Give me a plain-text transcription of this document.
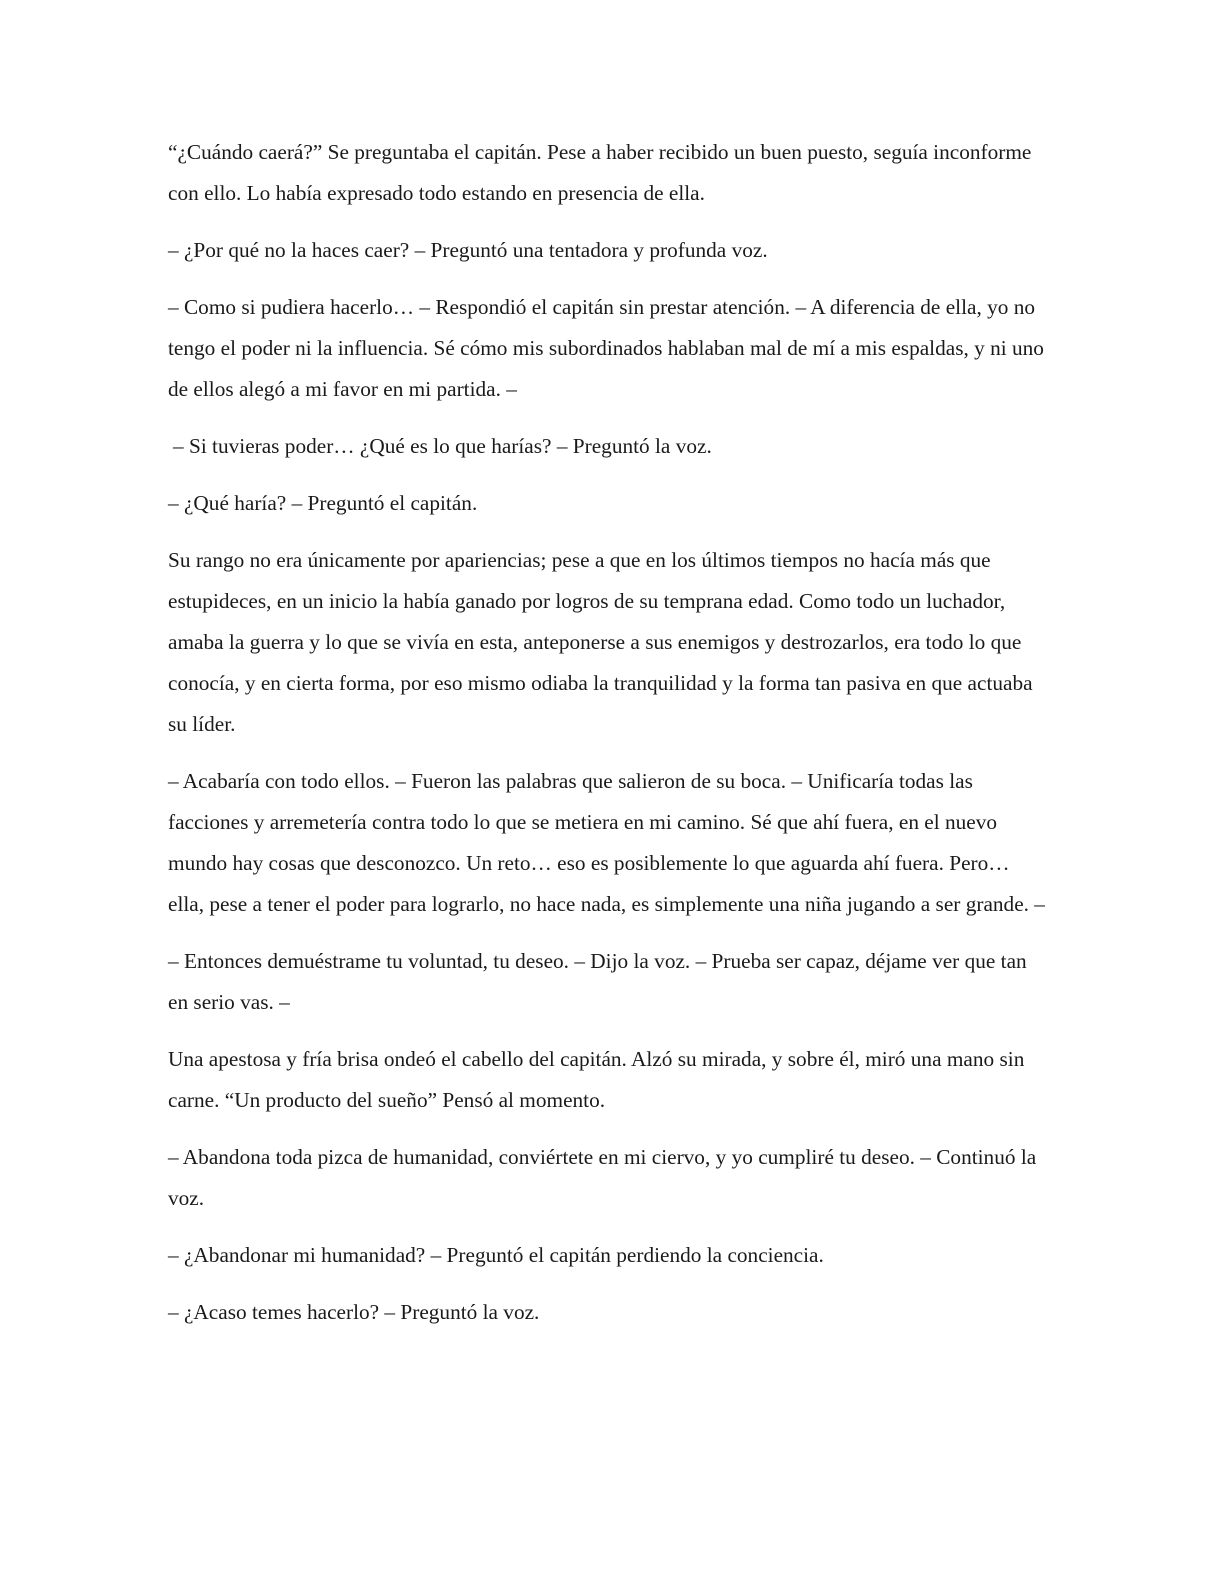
“¿Cuándo caerá?” Se preguntaba el capitán. Pese a haber recibido un buen puesto, seguía inconforme con ello. Lo había expresado todo estando en presencia de ella.

– ¿Por qué no la haces caer? – Preguntó una tentadora y profunda voz.

– Como si pudiera hacerlo… – Respondió el capitán sin prestar atención. – A diferencia de ella, yo no tengo el poder ni la influencia. Sé cómo mis subordinados hablaban mal de mí a mis espaldas, y ni uno de ellos alegó a mi favor en mi partida. –

– Si tuvieras poder… ¿Qué es lo que harías? – Preguntó la voz.

– ¿Qué haría? – Preguntó el capitán.

Su rango no era únicamente por apariencias; pese a que en los últimos tiempos no hacía más que estupideces, en un inicio la había ganado por logros de su temprana edad. Como todo un luchador, amaba la guerra y lo que se vivía en esta, anteponerse a sus enemigos y destrozarlos, era todo lo que conocía, y en cierta forma, por eso mismo odiaba la tranquilidad y la forma tan pasiva en que actuaba su líder.

– Acabaría con todo ellos. – Fueron las palabras que salieron de su boca. – Unificaría todas las facciones y arremetería contra todo lo que se metiera en mi camino. Sé que ahí fuera, en el nuevo mundo hay cosas que desconozco. Un reto… eso es posiblemente lo que aguarda ahí fuera. Pero… ella, pese a tener el poder para lograrlo, no hace nada, es simplemente una niña jugando a ser grande. –

– Entonces demuéstrame tu voluntad, tu deseo. – Dijo la voz. – Prueba ser capaz, déjame ver que tan en serio vas. –

Una apestosa y fría brisa ondeó el cabello del capitán. Alzó su mirada, y sobre él, miró una mano sin carne. “Un producto del sueño” Pensó al momento.

– Abandona toda pizca de humanidad, conviértete en mi ciervo, y yo cumpliré tu deseo. – Continuó la voz.

– ¿Abandonar mi humanidad? – Preguntó el capitán perdiendo la conciencia.

– ¿Acaso temes hacerlo? – Preguntó la voz.
